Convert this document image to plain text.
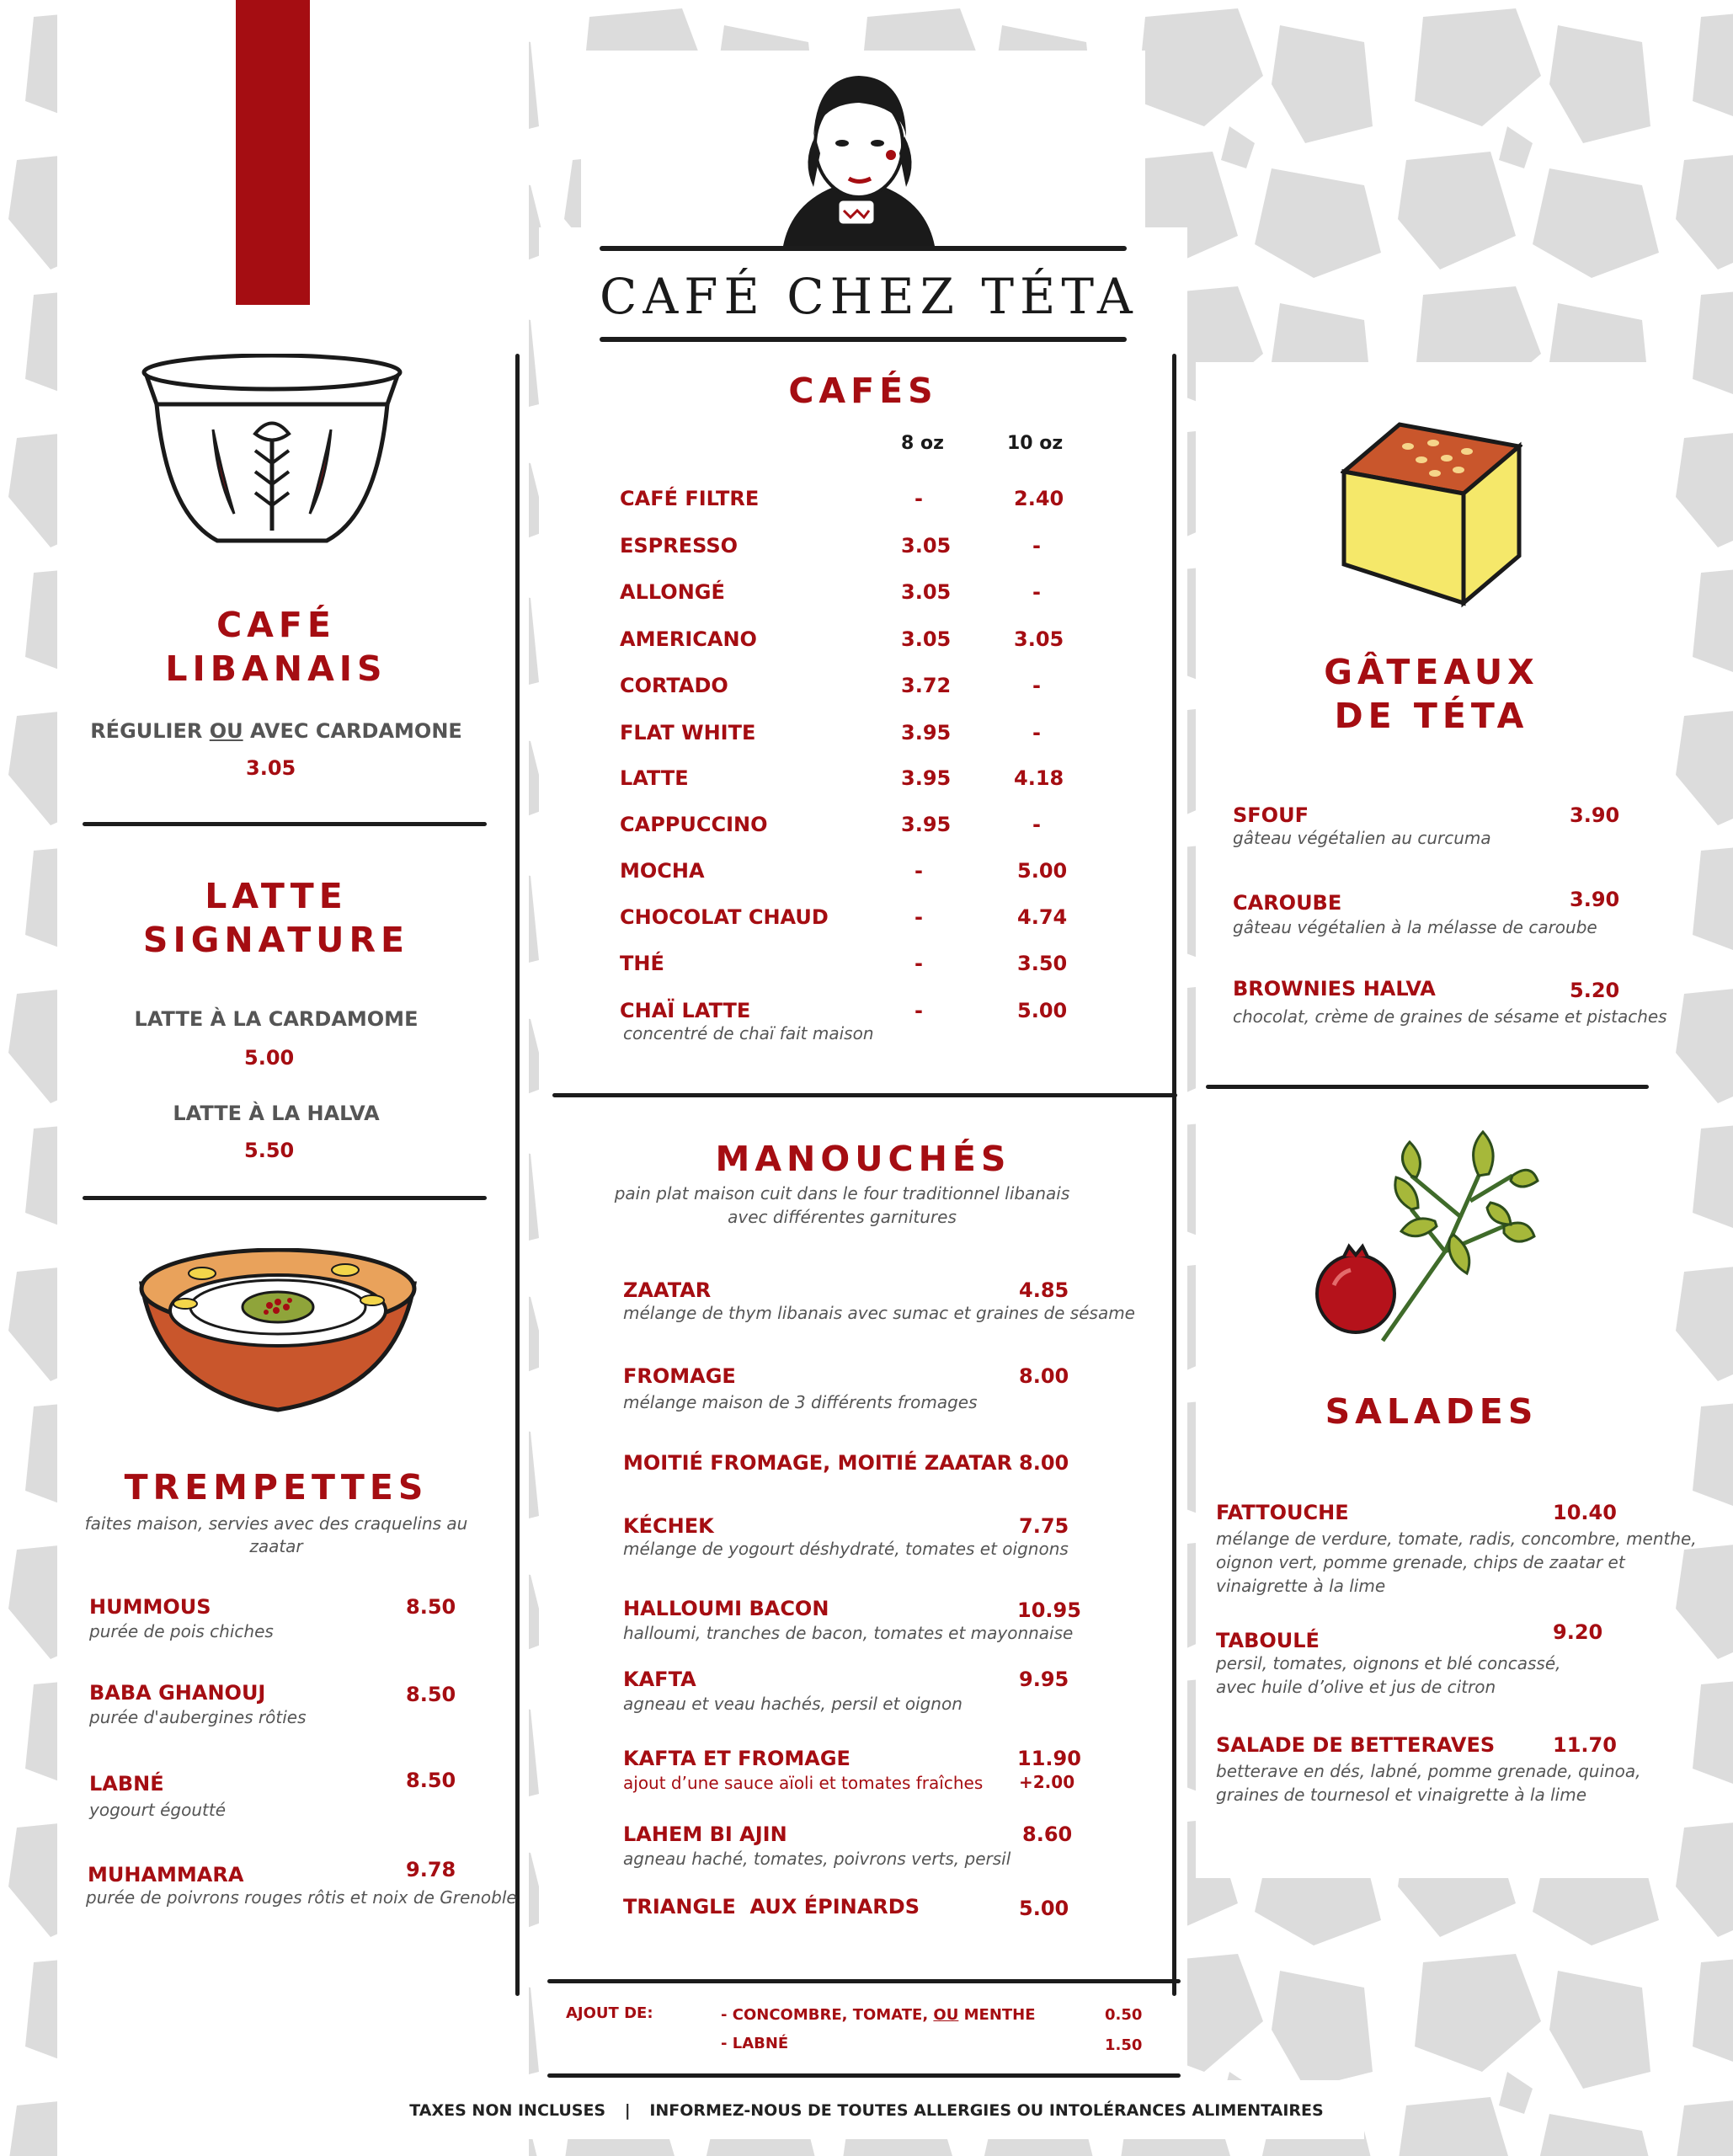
CAFÉ CHEZ TÉTA
CAFÉ
LIBANAIS
RÉGULIER OU AVEC CARDAMONE
3.05
LATTE
SIGNATURE
LATTE À LA CARDAMOME
5.00
LATTE À LA HALVA
5.50
TREMPETTES
faites maison, servies avec des craquelins au zaatar
HUMMOUS	8.50
purée de pois chiches
BABA GHANOUJ	8.50
purée d'aubergines rôties
LABNÉ	8.50
yogourt égoutté
MUHAMMARA	9.78
purée de poivrons rouges rôtis et noix de Grenoble
CAFÉS
8 oz	10 oz
CAFÉ FILTRE	-	2.40
ESPRESSO	3.05	-
ALLONGÉ	3.05	-
AMERICANO	3.05	3.05
CORTADO	3.72	-
FLAT WHITE	3.95	-
LATTE	3.95	4.18
CAPPUCCINO	3.95	-
MOCHA	-	5.00
CHOCOLAT CHAUD	-	4.74
THÉ	-	3.50
CHAÏ LATTE	-	5.00
concentré de chaï fait maison
MANOUCHÉS
pain plat maison cuit dans le four traditionnel libanais
avec différentes garnitures
ZAATAR	4.85
mélange de thym libanais avec sumac et graines de sésame
FROMAGE	8.00
mélange maison de 3 différents fromages
MOITIÉ FROMAGE, MOITIÉ ZAATAR 8.00
KÉCHEK	7.75
mélange de yogourt déshydraté, tomates et oignons
HALLOUMI BACON	10.95
halloumi, tranches de bacon, tomates et mayonnaise
KAFTA	9.95
agneau et veau hachés, persil et oignon
KAFTA ET FROMAGE	11.90
ajout d’une sauce aïoli et tomates fraîches +2.00
LAHEM BI AJIN	8.60
agneau haché, tomates, poivrons verts, persil
TRIANGLE  AUX ÉPINARDS	5.00
AJOUT DE:	- CONCOMBRE, TOMATE, OU MENTHE	0.50
- LABNÉ	1.50
GÂTEAUX
DE TÉTA
SFOUF	3.90
gâteau végétalien au curcuma
CAROUBE	3.90
gâteau végétalien à la mélasse de caroube
BROWNIES HALVA	5.20
chocolat, crème de graines de sésame et pistaches
SALADES
FATTOUCHE	10.40
mélange de verdure, tomate, radis, concombre, menthe,
oignon vert, pomme grenade, chips de zaatar et
vinaigrette à la lime
TABOULÉ	9.20
persil, tomates, oignons et blé concassé,
avec huile d’olive et jus de citron
SALADE DE BETTERAVES	11.70
betterave en dés, labné, pomme grenade, quinoa,
graines de tournesol et vinaigrette à la lime
TAXES NON INCLUSES | INFORMEZ-NOUS DE TOUTES ALLERGIES OU INTOLÉRANCES ALIMENTAIRES
